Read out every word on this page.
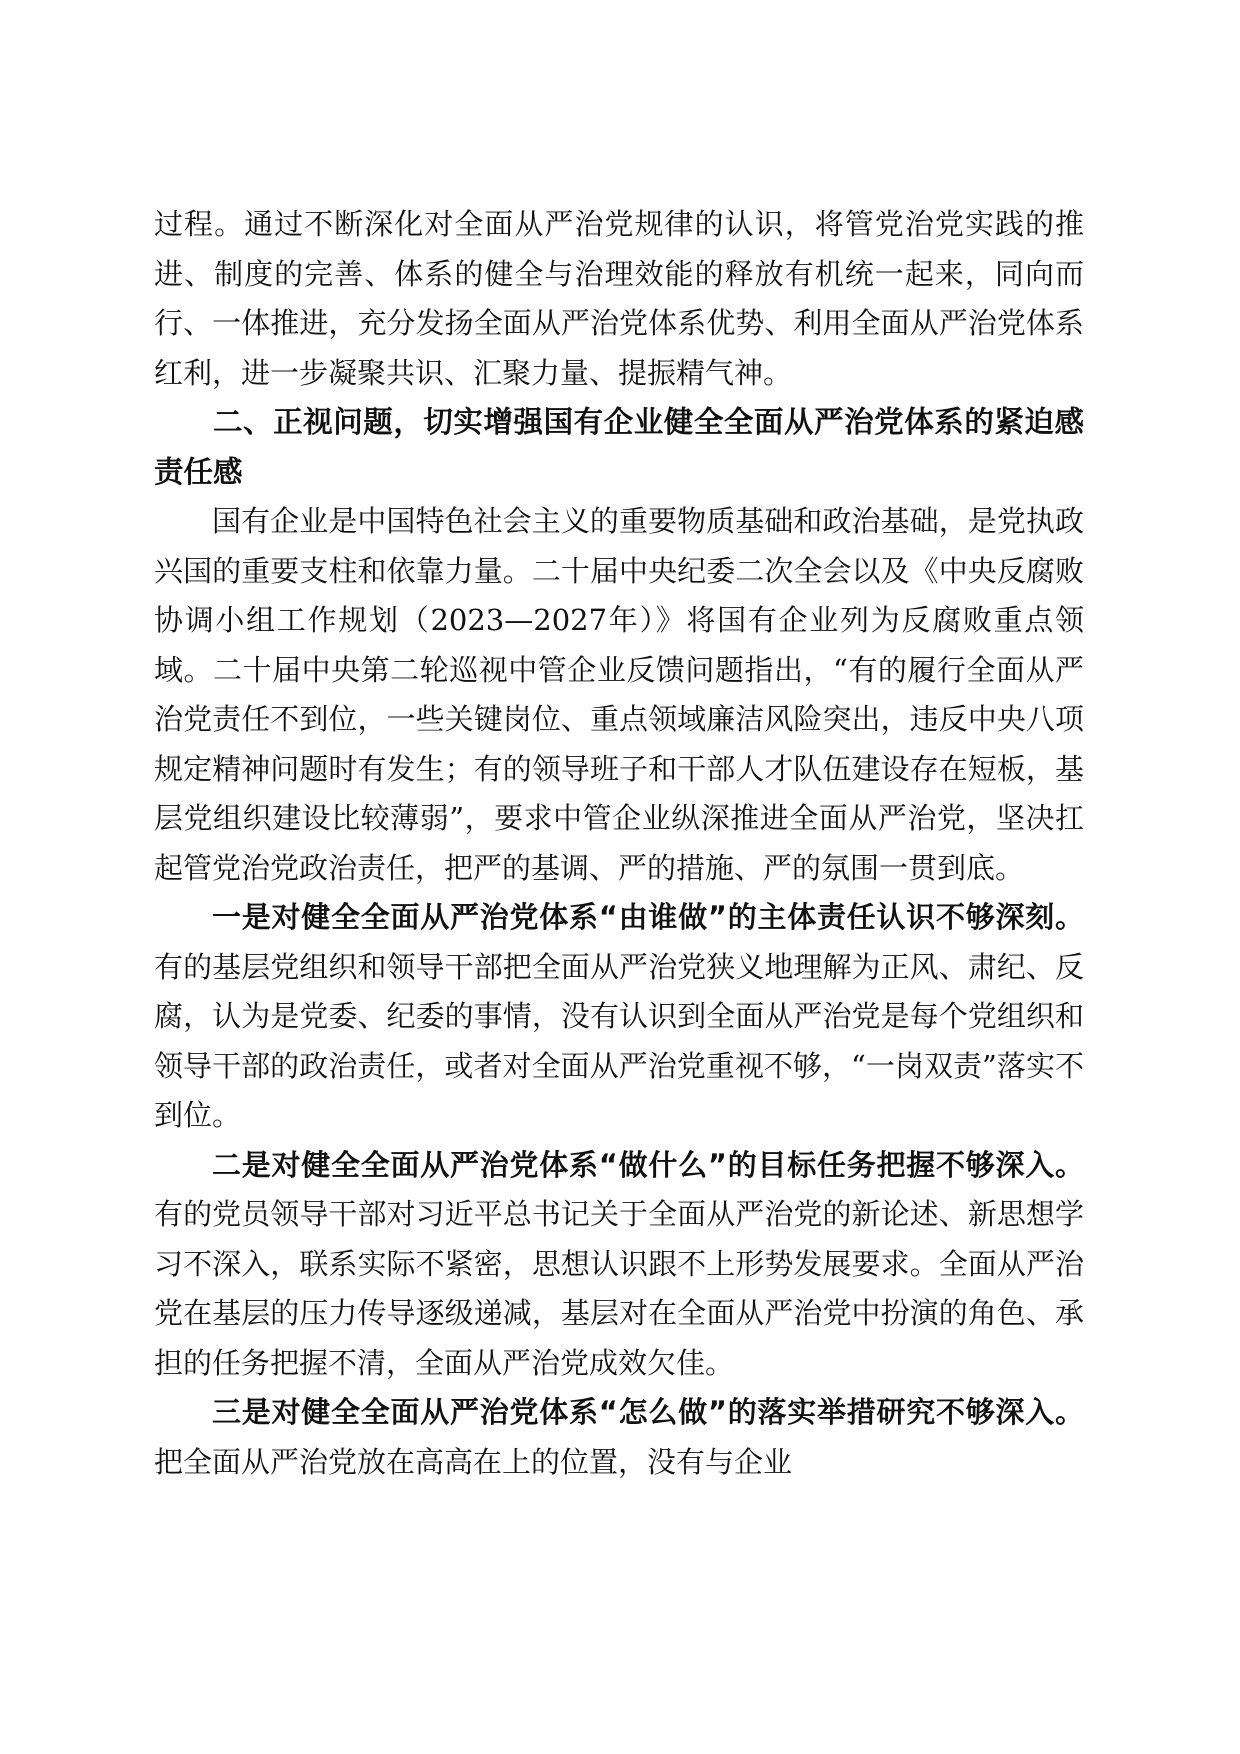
过程。通过不断深化对全面从严治党规律的认识，将管党治党实践的推进、制度的完善、体系的健全与治理效能的释放有机统一起来，同向而行、一体推进，充分发扬全面从严治党体系优势、利用全面从严治党体系红利，进一步凝聚共识、汇聚力量、提振精气神。

二、正视问题，切实增强国有企业健全全面从严治党体系的紧迫感责任感

国有企业是中国特色社会主义的重要物质基础和政治基础，是党执政兴国的重要支柱和依靠力量。二十届中央纪委二次全会以及《中央反腐败协调小组工作规划（2023—2027年）》将国有企业列为反腐败重点领域。二十届中央第二轮巡视中管企业反馈问题指出，“有的履行全面从严治党责任不到位，一些关键岗位、重点领域廉洁风险突出，违反中央八项规定精神问题时有发生；有的领导班子和干部人才队伍建设存在短板，基层党组织建设比较薄弱”，要求中管企业纵深推进全面从严治党，坚决扛起管党治党政治责任，把严的基调、严的措施、严的氛围一贯到底。

一是对健全全面从严治党体系“由谁做”的主体责任认识不够深刻。有的基层党组织和领导干部把全面从严治党狭义地理解为正风、肃纪、反腐，认为是党委、纪委的事情，没有认识到全面从严治党是每个党组织和领导干部的政治责任，或者对全面从严治党重视不够，“一岗双责”落实不到位。

二是对健全全面从严治党体系“做什么”的目标任务把握不够深入。有的党员领导干部对习近平总书记关于全面从严治党的新论述、新思想学习不深入，联系实际不紧密，思想认识跟不上形势发展要求。全面从严治党在基层的压力传导逐级递减，基层对在全面从严治党中扮演的角色、承担的任务把握不清，全面从严治党成效欠佳。

三是对健全全面从严治党体系“怎么做”的落实举措研究不够深入。把全面从严治党放在高高在上的位置，没有与企业
